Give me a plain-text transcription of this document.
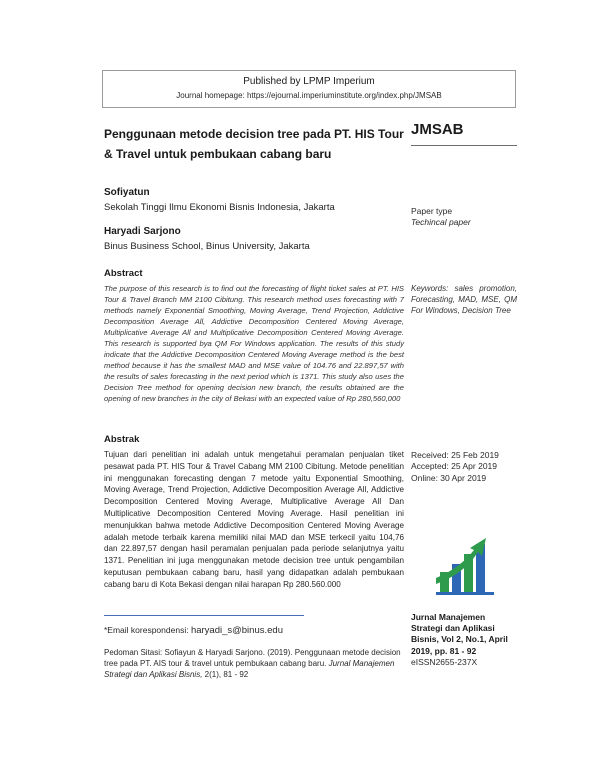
Published by LPMP Imperium
Journal homepage: https://ejournal.imperiuminstitute.org/index.php/JMSAB
Penggunaan metode decision tree pada PT. HIS Tour & Travel untuk pembukaan cabang baru
JMSAB
Sofiyatun
Sekolah Tinggi Ilmu Ekonomi Bisnis Indonesia, Jakarta
Haryadi Sarjono
Binus Business School, Binus University, Jakarta
Paper type
Techincal paper
Abstract
The purpose of this research is to find out the forecasting of flight ticket sales at PT. HIS Tour & Travel Branch MM 2100 Cibitung. This research method uses forecasting with 7 methods namely Exponential Smoothing, Moving Average, Trend Projection, Addictive Decomposition Average All, Addictive Decomposition Centered Moving Average, Multiplicative Average All and Multiplicative Decomposition Centered Moving Average. This research is supported bya QM For Windows application. The results of this study indicate that the Addictive Decomposition Centered Moving Average method is the best method because it has the smallest MAD and MSE value of 104.76 and 22.897,57 with the results of sales forecasting in the next period which is 1371. This study also uses the Decision Tree method for opening decision new branch, the results obtained are the opening of new branches in the city of Bekasi with an expected value of Rp 280,560,000
Keywords: sales promotion, Forecasting, MAD, MSE, QM For Windows, Decision Tree
Abstrak
Tujuan dari penelitian ini adalah untuk mengetahui peramalan penjualan tiket pesawat pada PT. HIS Tour & Travel Cabang MM 2100 Cibitung. Metode penelitian ini menggunakan forecasting dengan 7 metode yaitu Exponential Smoothing, Moving Average, Trend Projection, Addictive Decomposition Average All, Addictive Decomposition Centered Moving Average, Multiplicative Average All Dan Multiplicative Decomposition Centered Moving Average. Hasil penelitian ini menunjukkan bahwa metode Addictive Decomposition Centered Moving Average adalah metode terbaik karena memiliki nilai MAD dan MSE terkecil yaitu 104,76 dan 22.897,57 dengan hasil peramalan penjualan pada periode selanjutnya yaitu 1371. Penelitian ini juga menggunakan metode decision tree untuk pengambilan keputusan pembukaan cabang baru, hasil yang didapatkan adalah pembukaan cabang baru di Kota Bekasi dengan nilai harapan Rp 280.560.000
Received: 25 Feb 2019
Accepted: 25 Apr 2019
Online: 30 Apr 2019
*Email korespondensi: haryadi_s@binus.edu
Pedoman Sitasi: Sofiayun & Haryadi Sarjono. (2019). Penggunaan metode decision tree pada PT. AIS tour & travel untuk pembukaan cabang baru. Jurnal Manajemen Strategi dan Aplikasi Bisnis, 2(1), 81 - 92
Jurnal Manajemen
Strategi dan Aplikasi
Bisnis, Vol 2, No.1, April
2019, pp. 81 - 92
eISSN2655-237X
